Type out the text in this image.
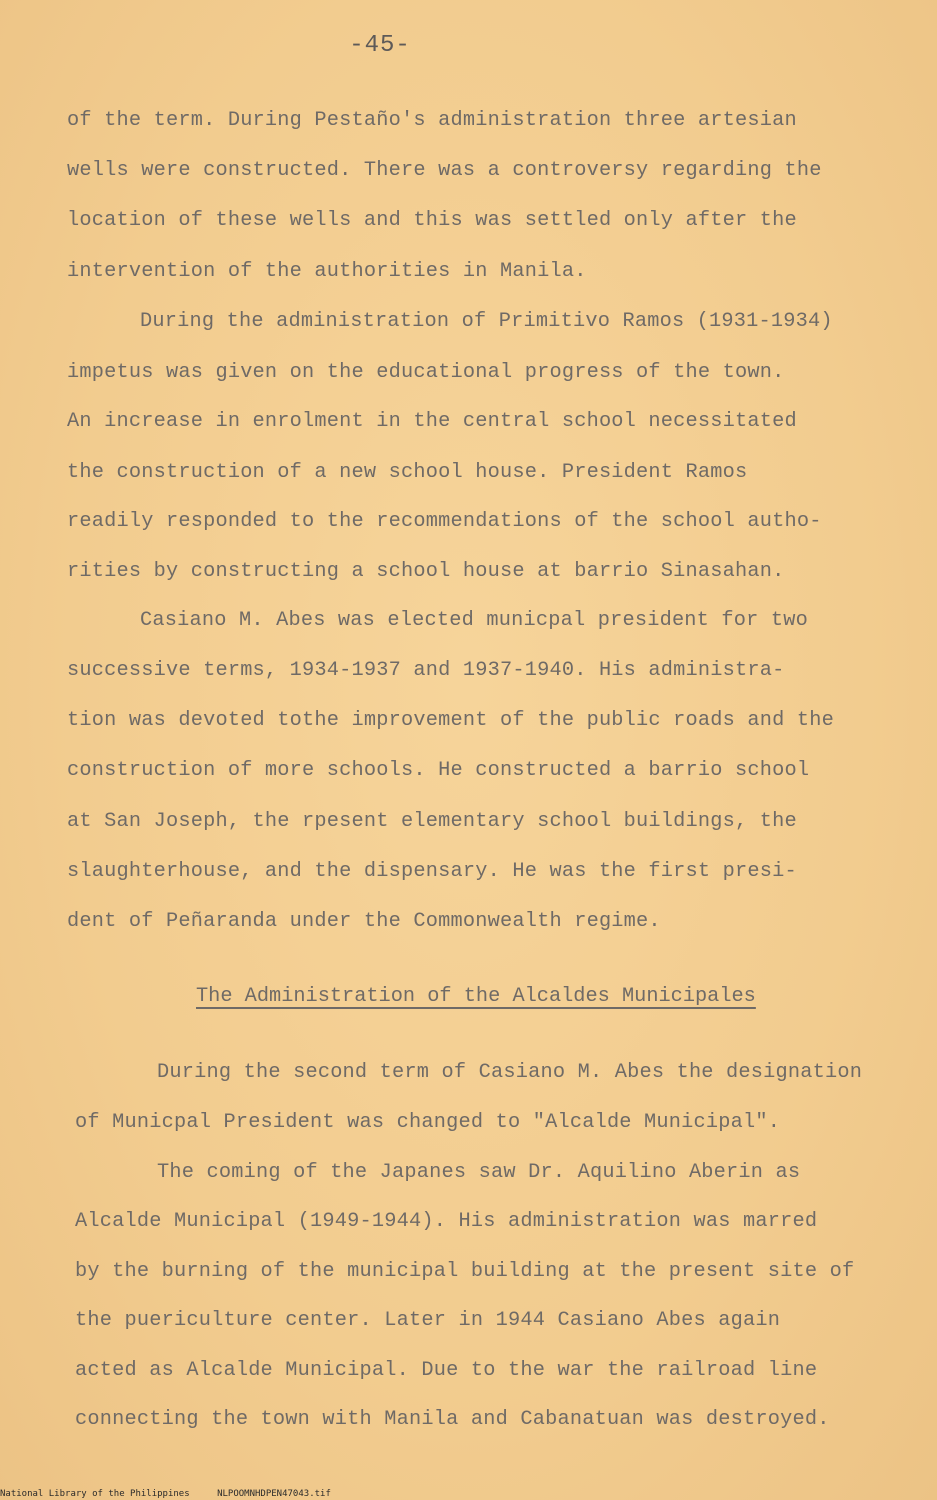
-45-
of the term. During Pestaño's administration three artesian
wells were constructed. There was a controversy regarding the
location of these wells and this was settled only after the
intervention of the authorities in Manila.
During the administration of Primitivo Ramos (1931-1934)
impetus was given on the educational progress of the town.
An increase in enrolment in the central school necessitated
the construction of a new school house. President Ramos
readily responded to the recommendations of the school autho-
rities by constructing a school house at barrio Sinasahan.
Casiano M. Abes was elected municpal president for two
successive terms, 1934-1937 and 1937-1940. His administra-
tion was devoted tothe improvement of the public roads and the
construction of more schools. He constructed a barrio school
at San Joseph, the rpesent elementary school buildings, the
slaughterhouse, and the dispensary. He was the first presi-
dent of Peñaranda under the Commonwealth regime.
The Administration of the Alcaldes Municipales
During the second term of Casiano M. Abes the designation
of Municpal President was changed to "Alcalde Municipal".
The coming of the Japanes saw Dr. Aquilino Aberin as
Alcalde Municipal (1949-1944). His administration was marred
by the burning of the municipal building at the present site of
the puericulture center. Later in 1944 Casiano Abes again
acted as Alcalde Municipal. Due to the war the railroad line
connecting the town with Manila and Cabanatuan was destroyed.
National Library of the Philippines	NLPOOMNHDPEN47043.tif
